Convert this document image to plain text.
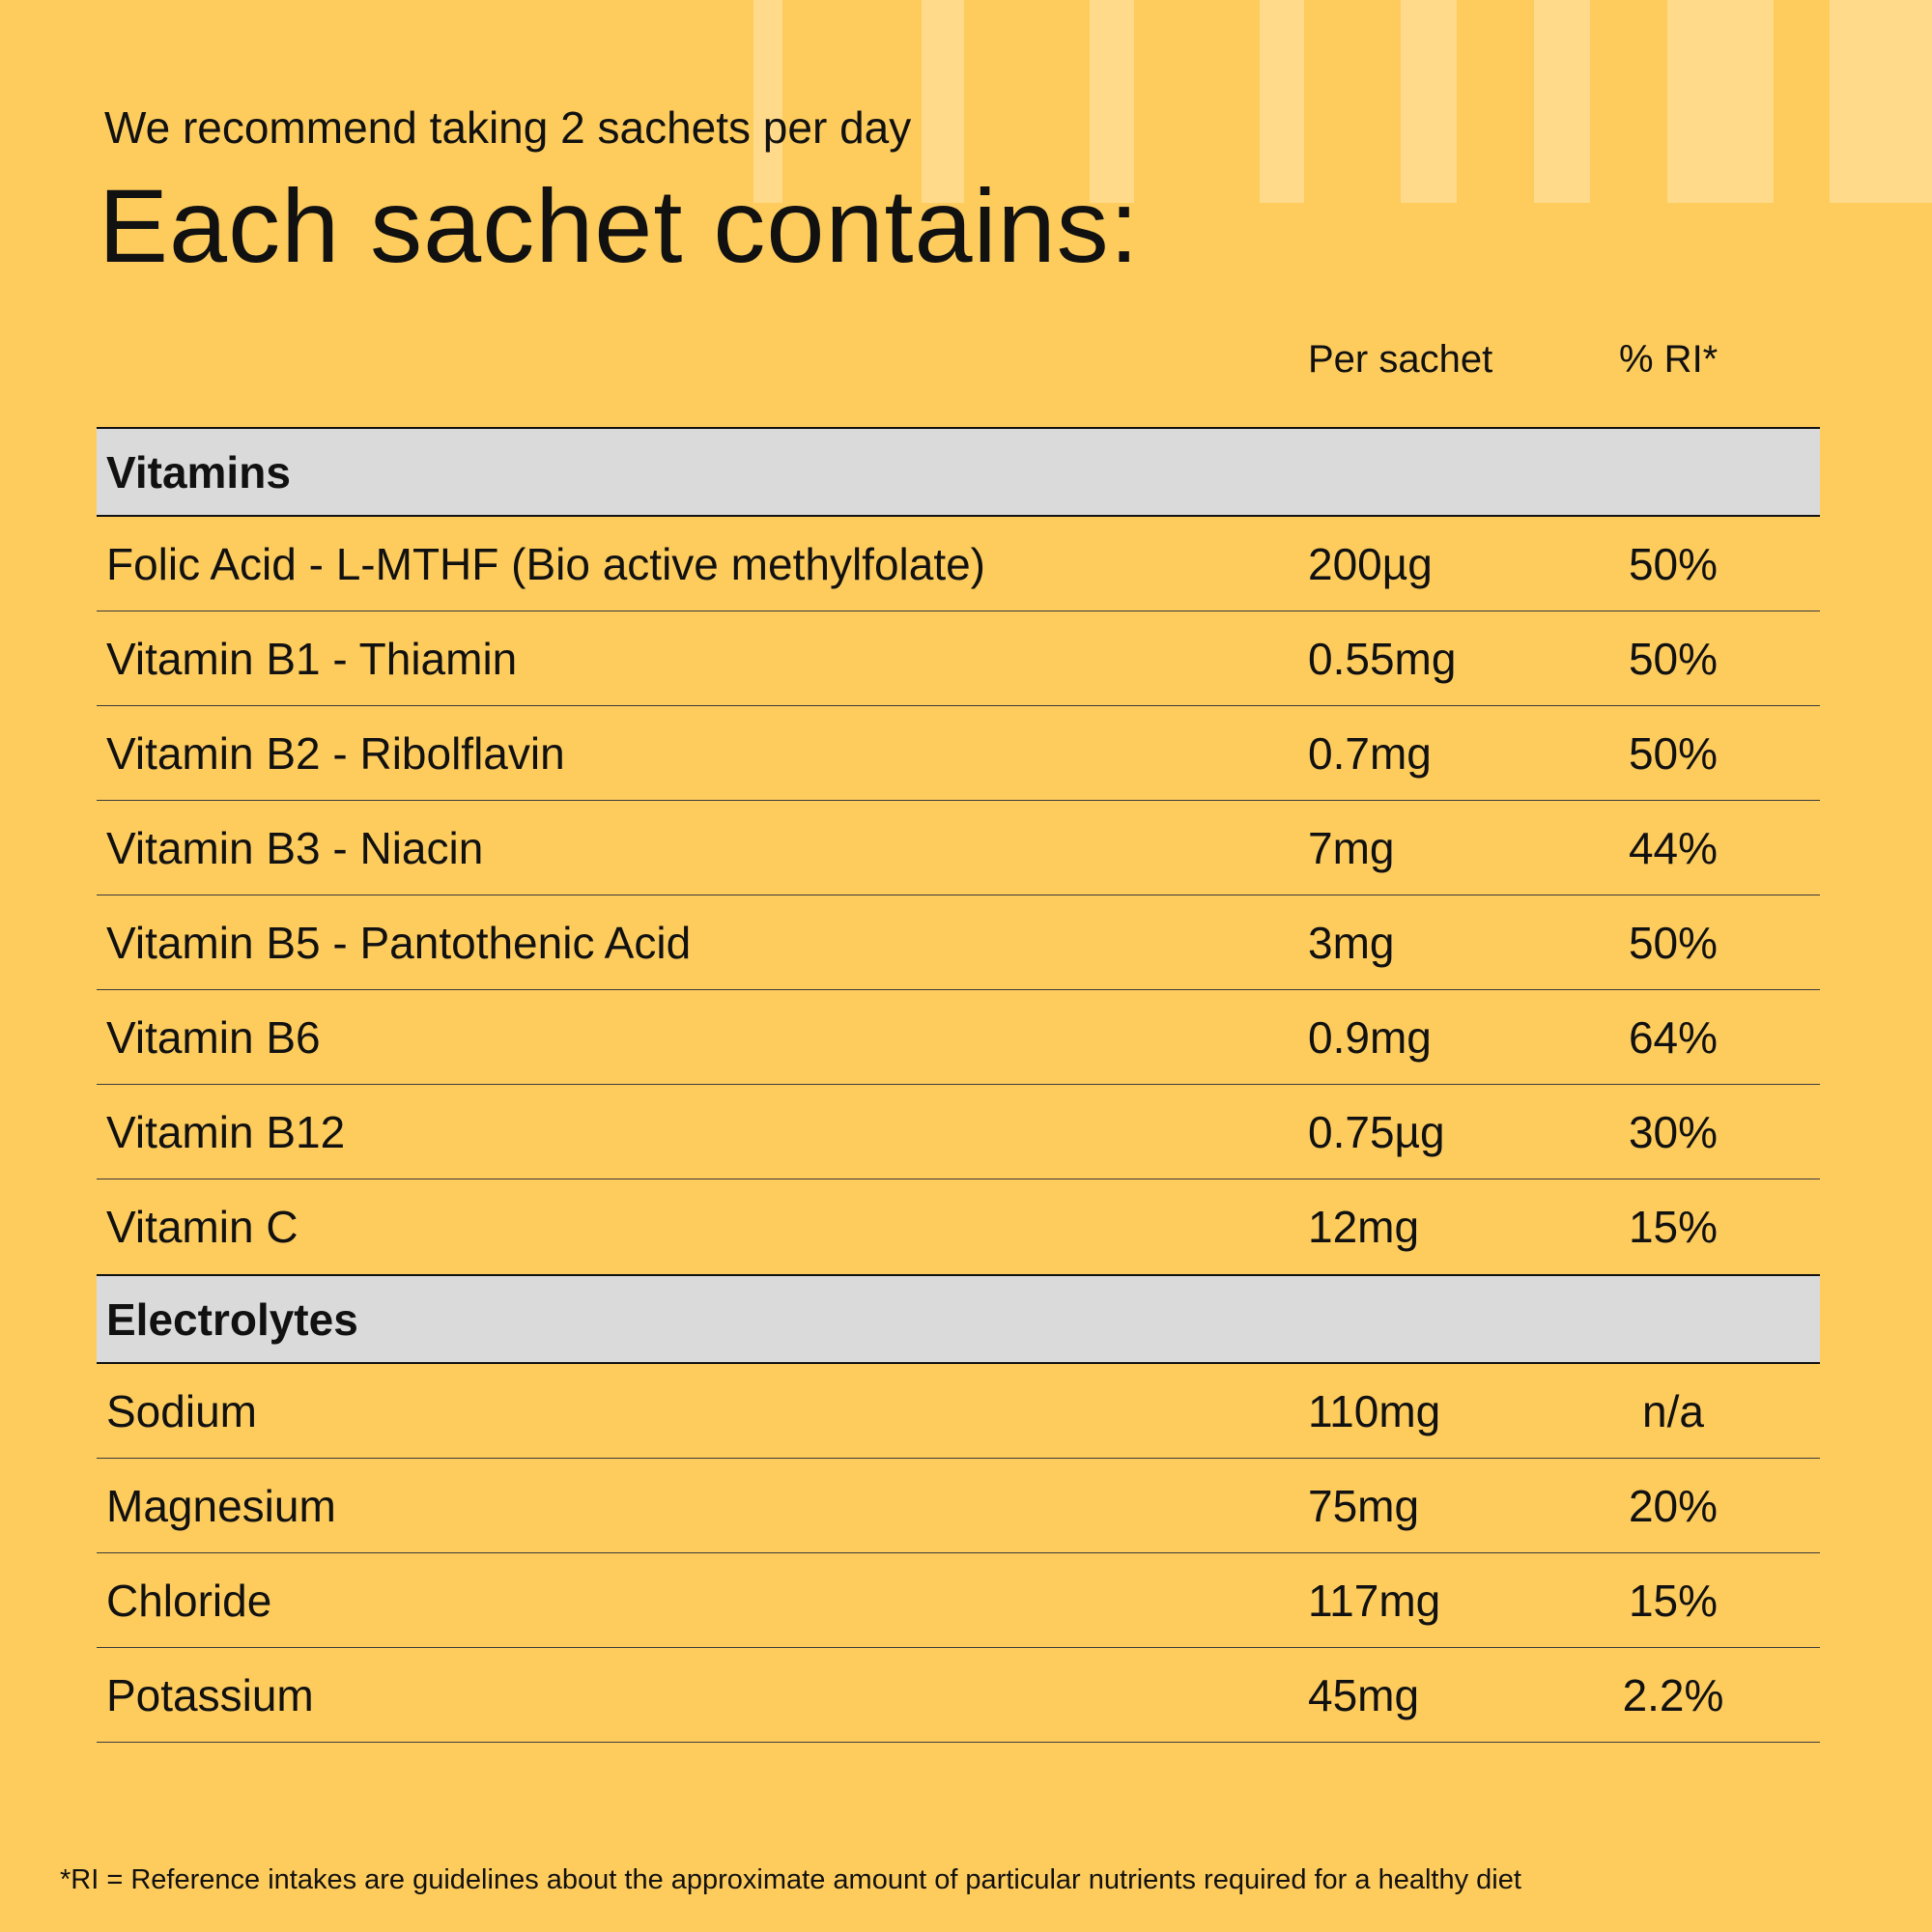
We recommend taking 2 sachets per day
Each sachet contains:
Per sachet	% RI*
Vitamins
Folic Acid - L-MTHF (Bio active methylfolate)	200µg	50%
Vitamin B1 - Thiamin	0.55mg	50%
Vitamin B2 - Ribolflavin	0.7mg	50%
Vitamin B3 - Niacin	7mg	44%
Vitamin B5 - Pantothenic Acid	3mg	50%
Vitamin B6	0.9mg	64%
Vitamin B12	0.75µg	30%
Vitamin C	12mg	15%
Electrolytes
Sodium	110mg	n/a
Magnesium	75mg	20%
Chloride	117mg	15%
Potassium	45mg	2.2%
*RI = Reference intakes are guidelines about the approximate amount of particular nutrients required for a healthy diet
